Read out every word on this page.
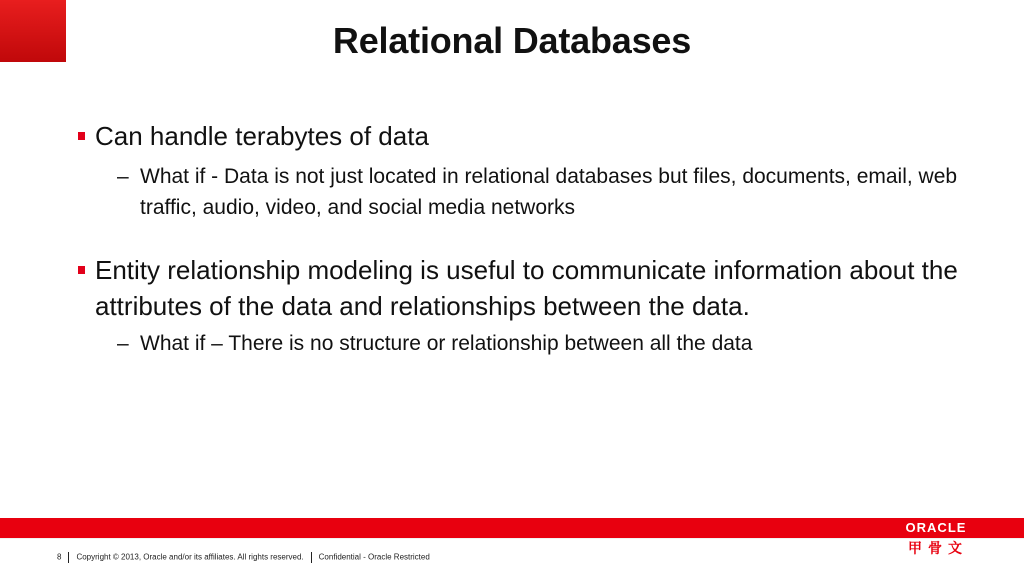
Relational Databases
Can handle terabytes of data
– What if - Data is not just located in relational databases but files, documents, email, web traffic, audio, video, and social media networks
Entity relationship modeling is useful to communicate information about the attributes of the data and relationships between the data.
– What if – There is no structure or relationship between all the data
ORACLE
甲骨文
8 Copyright © 2013, Oracle and/or its affiliates. All rights reserved. Confidential - Oracle Restricted
